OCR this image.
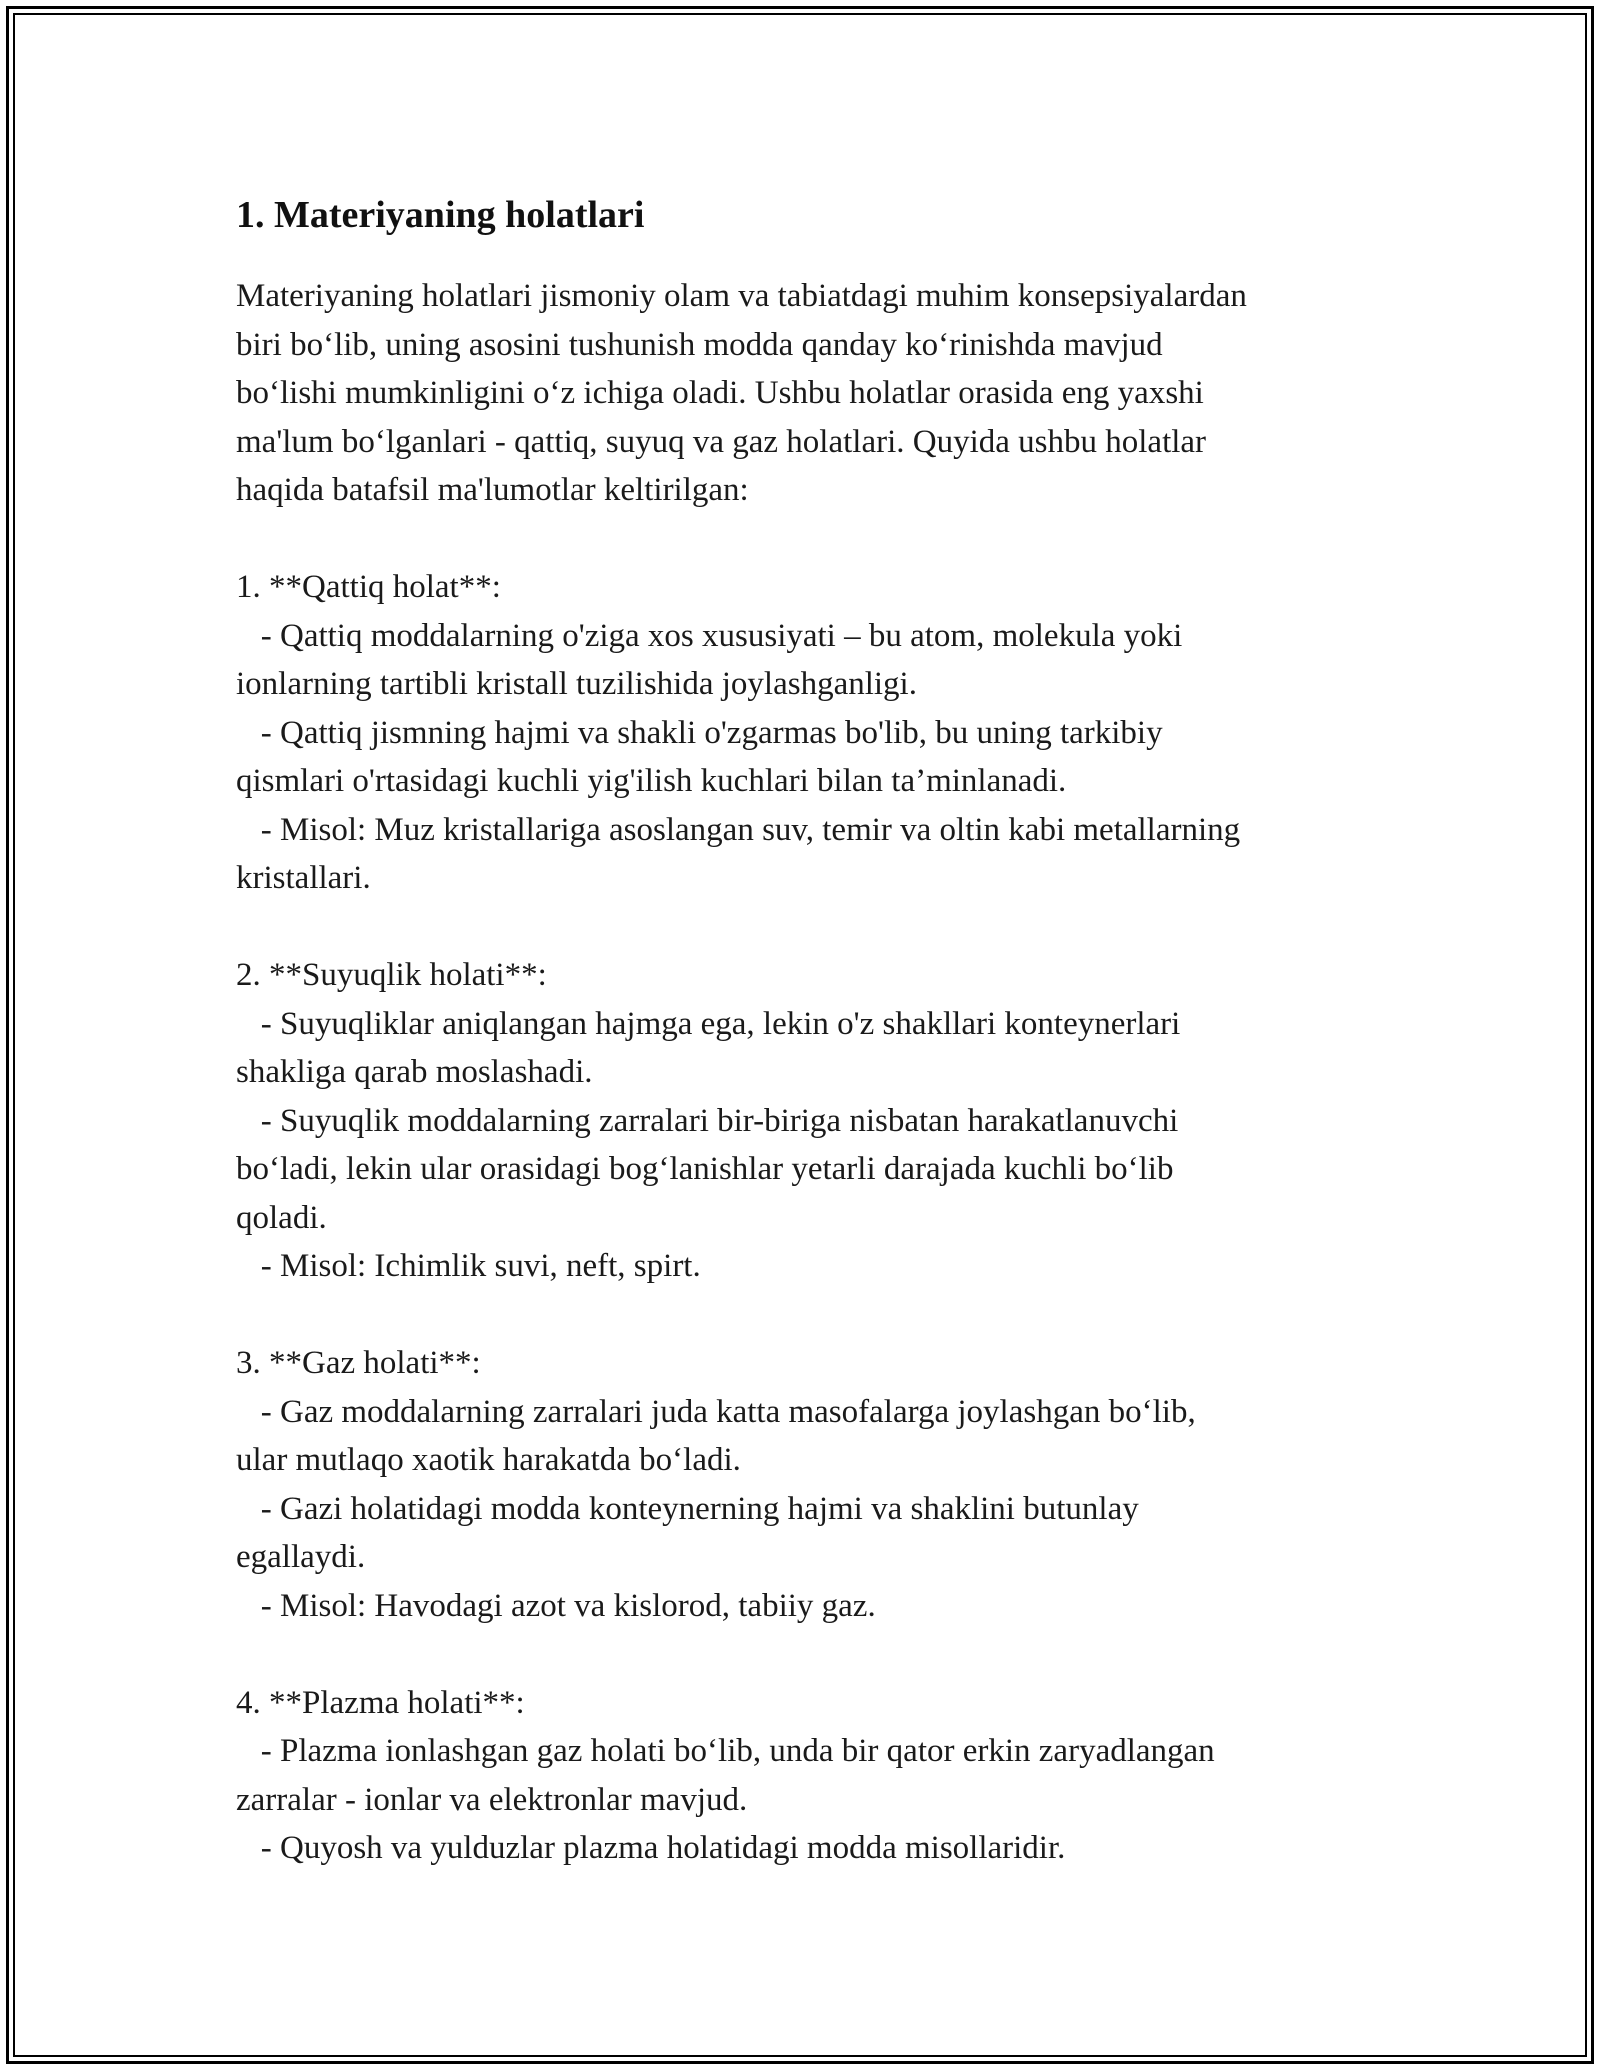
1. Materiyaning holatlari

Materiyaning holatlari jismoniy olam va tabiatdagi muhim konsepsiyalardan
biri bo‘lib, uning asosini tushunish modda qanday ko‘rinishda mavjud
bo‘lishi mumkinligini o‘z ichiga oladi. Ushbu holatlar orasida eng yaxshi
ma'lum bo‘lganlari - qattiq, suyuq va gaz holatlari. Quyida ushbu holatlar
haqida batafsil ma'lumotlar keltirilgan:

1. **Qattiq holat**:
- Qattiq moddalarning o'ziga xos xususiyati – bu atom, molekula yoki
ionlarning tartibli kristall tuzilishida joylashganligi.
- Qattiq jismning hajmi va shakli o'zgarmas bo'lib, bu uning tarkibiy
qismlari o'rtasidagi kuchli yig'ilish kuchlari bilan ta’minlanadi.
- Misol: Muz kristallariga asoslangan suv, temir va oltin kabi metallarning
kristallari.

2. **Suyuqlik holati**:
- Suyuqliklar aniqlangan hajmga ega, lekin o'z shakllari konteynerlari
shakliga qarab moslashadi.
- Suyuqlik moddalarning zarralari bir-biriga nisbatan harakatlanuvchi
bo‘ladi, lekin ular orasidagi bog‘lanishlar yetarli darajada kuchli bo‘lib
qoladi.
- Misol: Ichimlik suvi, neft, spirt.

3. **Gaz holati**:
- Gaz moddalarning zarralari juda katta masofalarga joylashgan bo‘lib,
ular mutlaqo xaotik harakatda bo‘ladi.
- Gazi holatidagi modda konteynerning hajmi va shaklini butunlay
egallaydi.
- Misol: Havodagi azot va kislorod, tabiiy gaz.

4. **Plazma holati**:
- Plazma ionlashgan gaz holati bo‘lib, unda bir qator erkin zaryadlangan
zarralar - ionlar va elektronlar mavjud.
- Quyosh va yulduzlar plazma holatidagi modda misollaridir.
